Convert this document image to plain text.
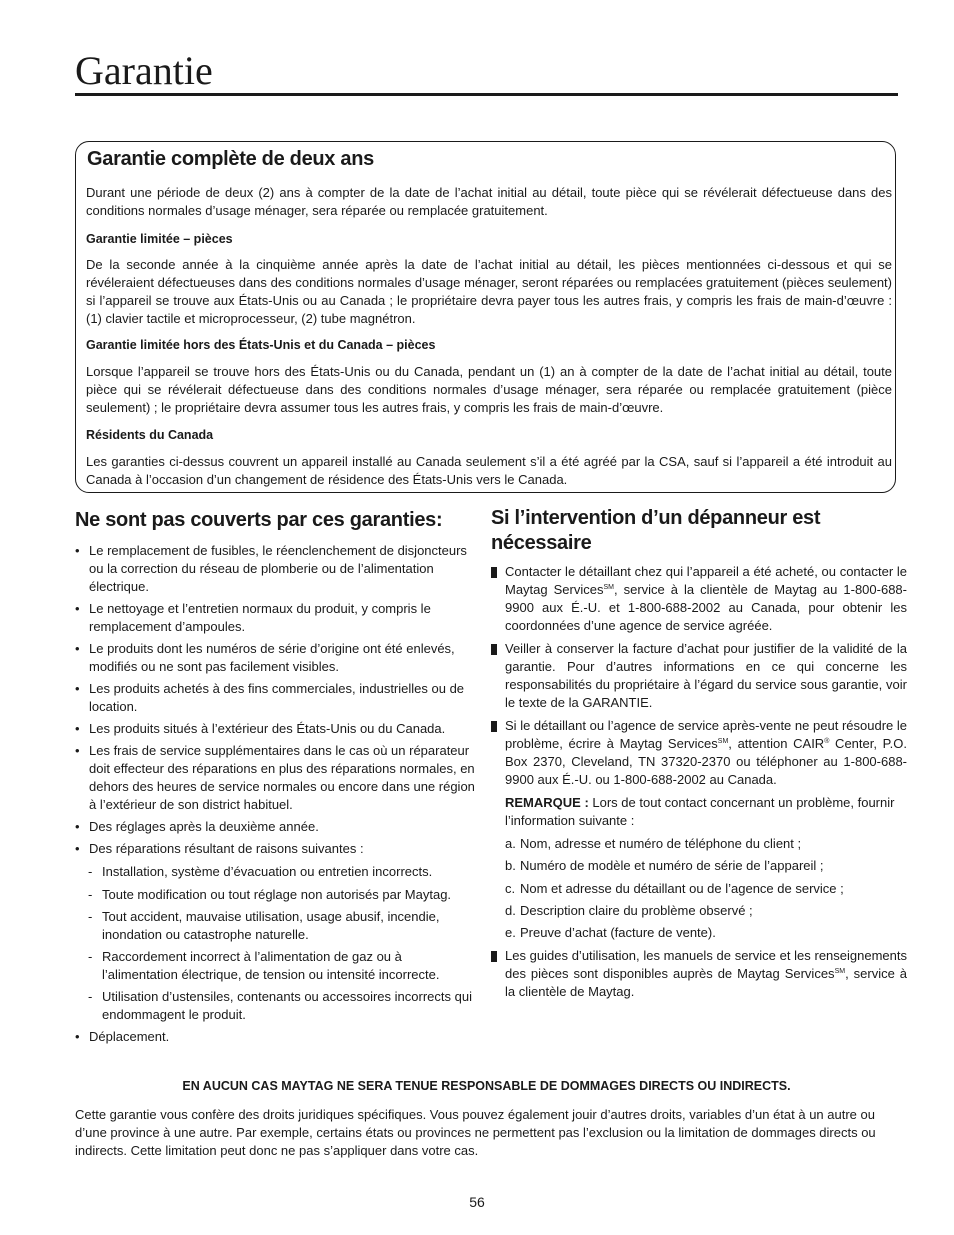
Garantie
Garantie complète de deux ans

Durant une période de deux (2) ans à compter de la date de l’achat initial au détail, toute pièce qui se révélerait défectueuse dans des conditions normales d’usage ménager, sera réparée ou remplacée gratuitement.

Garantie limitée – pièces

De la seconde année à la cinquième année après la date de l’achat initial au détail, les pièces mentionnées ci-dessous et qui se révéleraient défectueuses dans des conditions normales d’usage ménager, seront réparées ou remplacées gratuitement (pièces seulement) si l’appareil se trouve aux États-Unis ou au Canada ; le propriétaire devra payer tous les autres frais, y compris les frais de main-d’œuvre : (1) clavier tactile et microprocesseur, (2) tube magnétron.

Garantie limitée hors des États-Unis et du Canada – pièces

Lorsque l’appareil se trouve hors des États-Unis ou du Canada, pendant un (1) an à compter de la date de l’achat initial au détail, toute pièce qui se révélerait défectueuse dans des conditions normales d’usage ménager, sera réparée ou remplacée gratuitement (pièce seulement) ; le propriétaire devra assumer tous les autres frais, y compris les frais de main-d’œuvre.

Résidents du Canada

Les garanties ci-dessus couvrent un appareil installé au Canada seulement s’il a été agréé par la CSA, sauf si l’appareil a été introduit au Canada à l’occasion d’un changement de résidence des États-Unis vers le Canada.

Ne sont pas couverts par ces garanties:
• Le remplacement de fusibles, le réenclenchement de disjoncteurs ou la correction du réseau de plomberie ou de l’alimentation électrique.
• Le nettoyage et l’entretien normaux du produit, y compris le remplacement d’ampoules.
• Le produits dont les numéros de série d’origine ont été enlevés, modifiés ou ne sont pas facilement visibles.
• Les produits achetés à des fins commerciales, industrielles ou de location.
• Les produits situés à l’extérieur des États-Unis ou du Canada.
• Les frais de service supplémentaires dans le cas où un réparateur doit effecteur des réparations en plus des réparations normales, en dehors des heures de service normales ou encore dans une région à l’extérieur de son district habituel.
• Des réglages après la deuxième année.
• Des réparations résultant de raisons suivantes :
- Installation, système d’évacuation ou entretien incorrects.
- Toute modification ou tout réglage non autorisés par Maytag.
- Tout accident, mauvaise utilisation, usage abusif, incendie, inondation ou catastrophe naturelle.
- Raccordement incorrect à l’alimentation de gaz ou à l’alimentation électrique, de tension ou intensité incorrecte.
- Utilisation d’ustensiles, contenants ou accessoires incorrects qui endommagent le produit.
• Déplacement.
Si l’intervention d’un dépanneur est nécessaire
Contacter le détaillant chez qui l’appareil a été acheté, ou contacter le Maytag Services℠, service à la clientèle de Maytag au 1-800-688-9900 aux É.-U. et 1-800-688-2002 au Canada, pour obtenir les coordonnées d’une agence de service agréée.
Veiller à conserver la facture d’achat pour justifier de la validité de la garantie. Pour d’autres informations en ce qui concerne les responsabilités du propriétaire à l’égard du service sous garantie, voir le texte de la GARANTIE.
Si le détaillant ou l’agence de service après-vente ne peut résoudre le problème, écrire à Maytag Services℠, attention CAIR® Center, P.O. Box 2370, Cleveland, TN 37320-2370 ou téléphoner au 1-800-688-9900 aux É.-U. ou 1-800-688-2002 au Canada.
REMARQUE : Lors de tout contact concernant un problème, fournir l’information suivante :
a. Nom, adresse et numéro de téléphone du client ;
b. Numéro de modèle et numéro de série de l’appareil ;
c. Nom et adresse du détaillant ou de l’agence de service ;
d. Description claire du problème observé ;
e. Preuve d’achat (facture de vente).
Les guides d’utilisation, les manuels de service et les renseignements des pièces sont disponibles auprès de Maytag Services℠, service à la clientèle de Maytag.

EN AUCUN CAS MAYTAG NE SERA TENUE RESPONSABLE DE DOMMAGES DIRECTS OU INDIRECTS.

Cette garantie vous confère des droits juridiques spécifiques. Vous pouvez également jouir d’autres droits, variables d’un état à un autre ou d’une province à une autre. Par exemple, certains états ou provinces ne permettent pas l’exclusion ou la limitation de dommages directs ou indirects. Cette limitation peut donc ne pas s’appliquer dans votre cas.

56
